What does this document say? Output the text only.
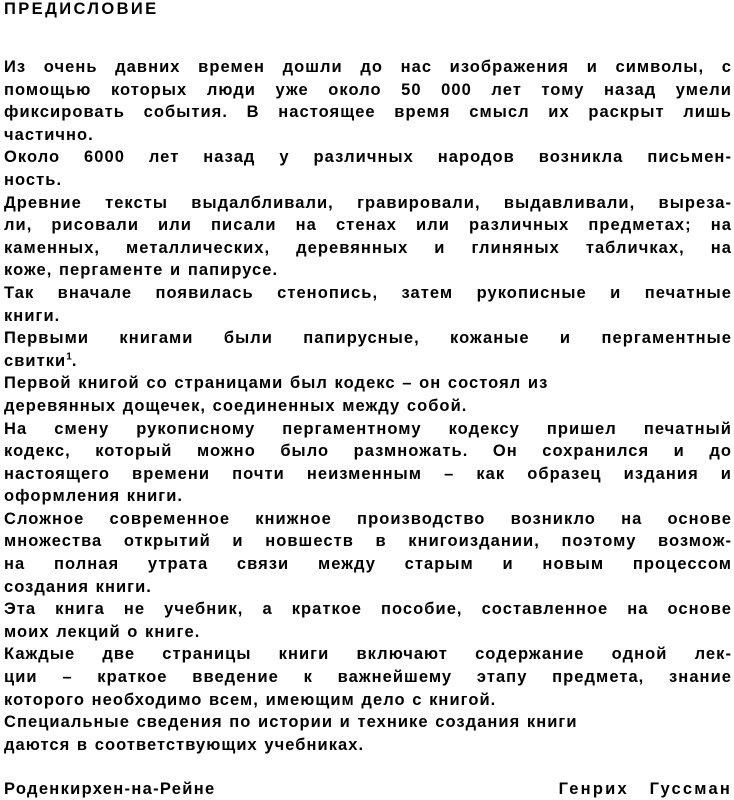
ПРЕДИСЛОВИЕ
Из очень давних времен дошли до нас изображения и символы, с
помощью которых люди уже около 50 000 лет тому назад умели
фиксировать события. В настоящее время смысл их раскрыт лишь
частично.
Около 6000 лет назад у различных народов возникла письмен-
ность.
Древние тексты выдалбливали, гравировали, выдавливали, выреза-
ли, рисовали или писали на стенах или различных предметах; на
каменных, металлических, деревянных и глиняных табличках, на
коже, пергаменте и папирусе.
Так вначале появилась стенопись, затем рукописные и печатные
книги.
Первыми книгами были папирусные, кожаные и пергаментные
свитки$^1$.
Первой книгой со страницами был кодекс – он состоял из
деревянных дощечек, соединенных между собой.
На смену рукописному пергаментному кодексу пришел печатный
кодекс, который можно было размножать. Он сохранился и до
настоящего времени почти неизменным – как образец издания и
оформления книги.
Сложное современное книжное производство возникло на основе
множества открытий и новшеств в книгоиздании, поэтому возмож-
на полная утрата связи между старым и новым процессом
создания книги.
Эта книга не учебник, а краткое пособие, составленное на основе
моих лекций о книге.
Каждые две страницы книги включают содержание одной лек-
ции – краткое введение к важнейшему этапу предмета, знание
которого необходимо всем, имеющим дело с книгой.
Специальные сведения по истории и технике создания книги
даются в соответствующих учебниках.
Роденкирхен-на-Рейне	Генрих Гуссман
